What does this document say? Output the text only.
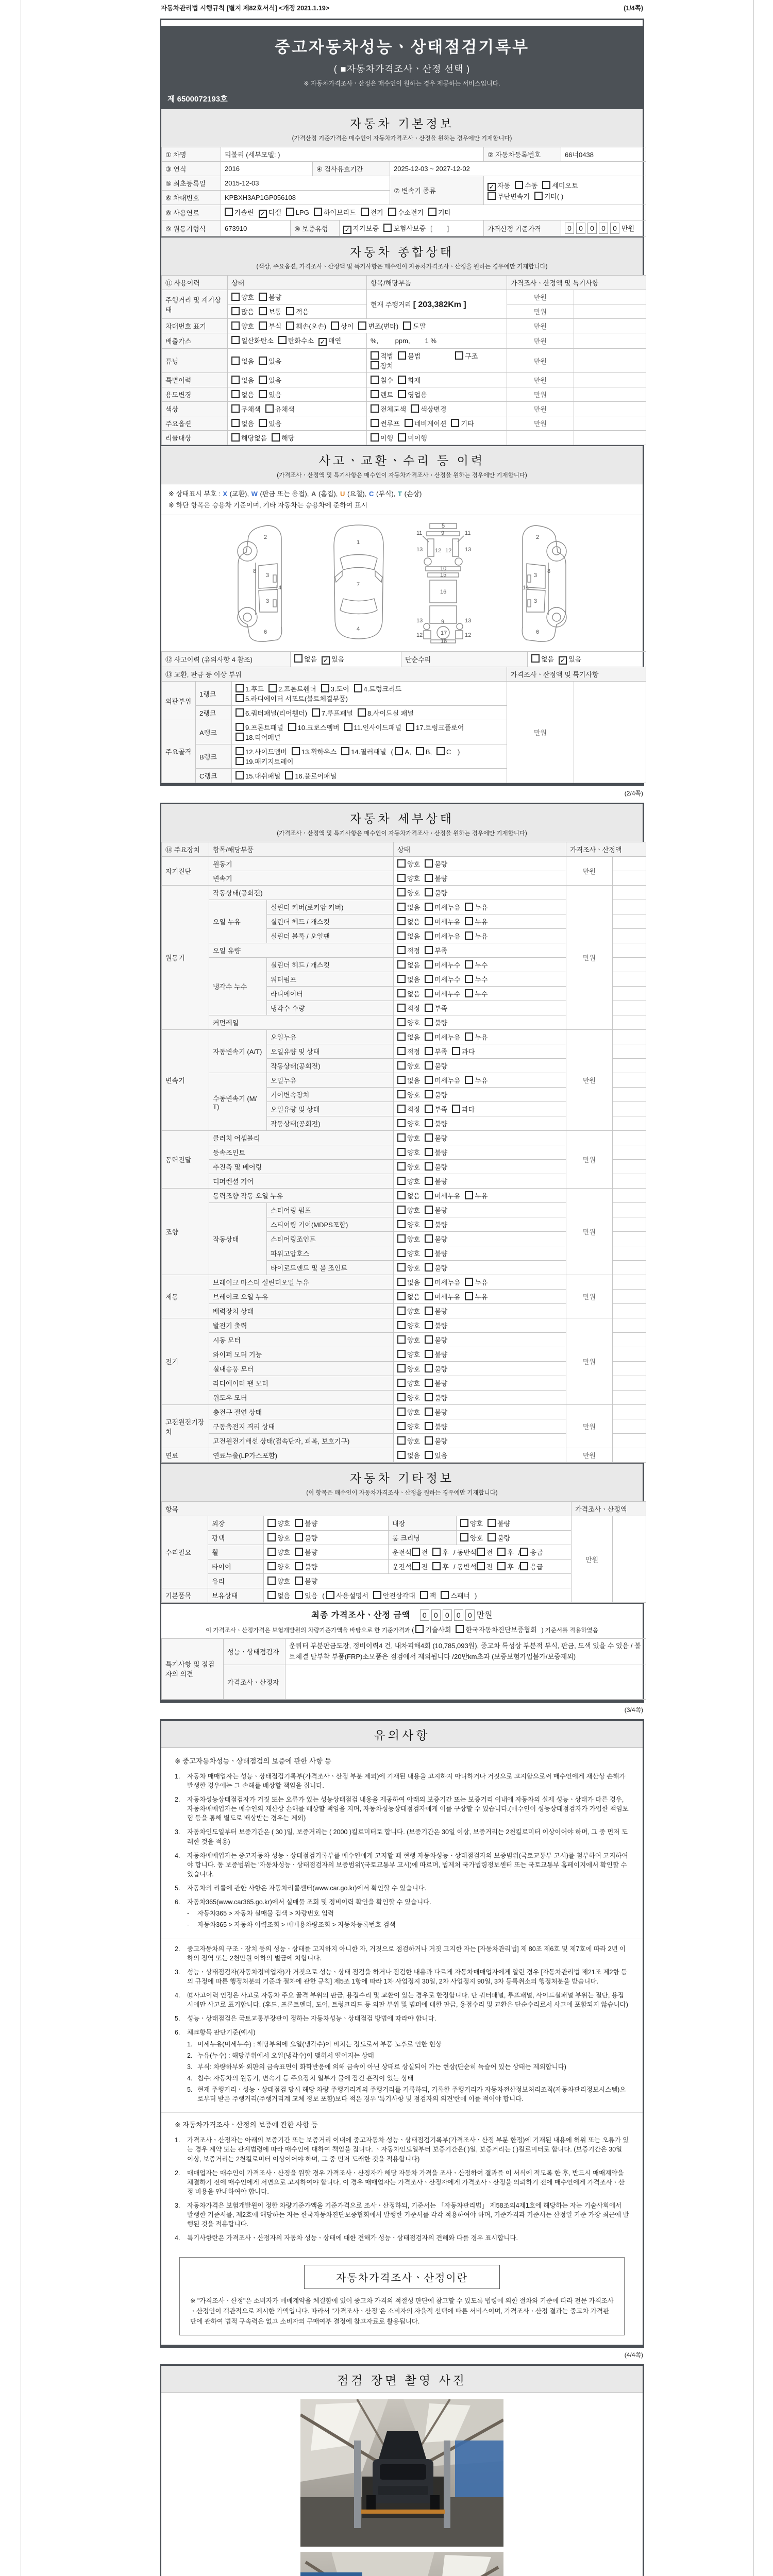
자동차관리법 시행규칙 [별지 제82호서식] <개정 2021.1.19>	(1/4쪽)
중고자동차성능ㆍ상태점검기록부
( ■자동차가격조사ㆍ산정 선택 )
※ 자동차가격조사ㆍ산정은 매수인이 원하는 경우 제공하는 서비스입니다.
제 6500072193호
자동차 기본정보
(가격산정 기준가격은 매수인이 자동차가격조사ㆍ산정을 원하는 경우에만 기재합니다)
① 차명	티볼리 (세부모델: )			② 자동차등록번호	66너0438
③ 연식	2016	④ 검사유효기간	2025-12-03 ~ 2027-12-02		
⑤ 최초등록일	2015-12-03		⑦ 변속기 종류	✓ 자동 수동 세미오토
무단변속기 기타( )	
⑥ 차대번호	KPBXH3AP1GP056108				
⑧ 사용연료	가솔린 ✓ 디젤 LPG 하이브리드 전기 수소전기 기타				
⑨ 원동기형식	673910	⑩ 보증유형	✓ 자가보증 보험사보증 [        ]	가격산정 기준가격	0 0 0 0 0 만원
자동차 종합상태
(색상, 주요옵션, 가격조사ㆍ산정액 및 특기사항은 매수인이 자동차가격조사ㆍ산정을 원하는 경우에만 기재합니다)
⑪ 사용이력	상태	항목/해당부품	가격조사ㆍ산정액 및 특기사항	
주행거리 및 계기상태	양호 불량	현재 주행거리 [ 203,382Km ]	만원	
	많음 보통 적음		만원	
차대번호 표기	양호 부식 훼손(오손) 상이 변조(변타) 도말		만원	
배출가스	일산화탄소 탄화수소 ✓ 매연	%,         ppm,        1 %	만원	
튜닝	없음 있음	적법 불법 구조장치	만원	
특별이력	없음 있음	침수 화재	만원	
용도변경	없음 있음	렌트 영업용	만원	
색상	무채색 유채색	전체도색 색상변경	만원	
주요옵션	없음 있음	썬루프 네비게이션 기타	만원	
리콜대상	해당없음 해당	이행 미이행		
사고ㆍ교환ㆍ수리 등 이력
(가격조사ㆍ산정액 및 특기사항은 매수인이 자동차가격조사ㆍ산정을 원하는 경우에만 기재합니다)
※ 상태표시 부호 : X (교환), W (판금 또는 용접), A (흠집), U (요철), C (부식), T (손상)
※ 하단 항목은 승용차 기준이며, 기타 자동차는 승용차에 준하여 표시
2
8
3
14
3
6
1
7
4
5
11	11
13	13
12 12
9
10
15
16
13	13
9
12	12
17
18
2
8
3
14
3
6
⑫ 사고이력 (유의사항 4 참조)	없음 ✓ 있음	단순수리	없음 ✓ 있음
⑬ 교환, 판금 등 이상 부위			가격조사ㆍ산정액 및 특기사항	
외판부위	1랭크	1.후드 2.프론트휀더 3.도어 4.트렁크리드
5.라디에이터 서포트(볼트체결부품)	만원	
	2랭크	6.쿼터패널(리어휀더) 7.루프패널 8.사이드실 패널		
주요골격	A랭크	9.프론트패널 10.크로스멤버 11.인사이드패널 17.트렁크플로어
18.리어패널		
	B랭크	12.사이드멤버 13.휠하우스 14.필러패널 ( A, B, C )
19.패키지트레이		
	C랭크	15.대쉬패널 16.플로어패널		
(2/4쪽)
자동차 세부상태
(가격조사ㆍ산정액 및 특기사항은 매수인이 자동차가격조사ㆍ산정을 원하는 경우에만 기재합니다)
⑭ 주요장치	항목/해당부품		상태	가격조사ㆍ산정액	
자기진단	원동기		양호 불량	만원	
	변속기		양호 불량		
원동기	작동상태(공회전)		양호 불량	만원	
	오일 누유	실린더 커버(로커암 커버)	없음 미세누유 누유		
		실린더 헤드 / 개스킷	없음 미세누유 누유		
		실린더 블록 / 오일팬	없음 미세누유 누유		
	오일 유량		적정 부족		
	냉각수 누수	실린더 헤드 / 개스킷	없음 미세누수 누수		
		워터펌프	없음 미세누수 누수		
		라디에이터	없음 미세누수 누수		
		냉각수 수량	적정 부족		
	커먼레일		양호 불량		
변속기	자동변속기 (A/T)	오일누유	없음 미세누유 누유	만원	
		오일유량 및 상태	적정 부족 과다		
		작동상태(공회전)	양호 불량		
	수동변속기 (M/T)	오일누유	없음 미세누유 누유		
		기어변속장치	양호 불량		
		오일유량 및 상태	적정 부족 과다		
		작동상태(공회전)	양호 불량		
동력전달	클러치 어셈블리		양호 불량	만원	
	등속조인트		양호 불량		
	추진축 및 베어링		양호 불량		
	디퍼렌셜 기어		양호 불량		
조향	동력조향 작동 오일 누유		없음 미세누유 누유	만원	
	작동상태	스티어링 펌프	양호 불량		
		스티어링 기어(MDPS포함)	양호 불량		
		스티어링조인트	양호 불량		
		파워고압호스	양호 불량		
		타이로드엔드 및 볼 조인트	양호 불량		
제동	브레이크 마스터 실린더오일 누유		없음 미세누유 누유	만원	
	브레이크 오일 누유		없음 미세누유 누유		
	배력장치 상태		양호 불량		
전기	발전기 출력		양호 불량	만원	
	시동 모터		양호 불량		
	와이퍼 모터 기능		양호 불량		
	실내송풍 모터		양호 불량		
	라디에이터 팬 모터		양호 불량		
	윈도우 모터		양호 불량		
고전원전기장치	충전구 절연 상태		양호 불량	만원	
	구동축전지 격리 상태		양호 불량		
	고전원전기배선 상태(접속단자, 피복, 보호기구)		양호 불량		
연료	연료누출(LP가스포함)		없음 있음	만원	
자동차 기타정보
(이 항목은 매수인이 자동차가격조사ㆍ산정을 원하는 경우에만 기재합니다)
항목					가격조사ㆍ산정액	
수리필요	외장	양호 불량	내장	양호 불량	만원	
	광택	양호 불량	룸 크리닝	양호 불량		
	휠	양호 불량	운전석 전 후 / 동반석 전 후 / 응급			
	타이어	양호 불량	운전석 전 후 / 동반석 전 후 / 응급			
	유리	양호 불량				
기본품목	보유상태	없음 있음 ( 사용설명서 안전삼각대 잭 스패너 )				
최종 가격조사ㆍ산정 금액 0 0 0 0 0 만원
이 가격조사ㆍ산정가격은 보험개발원의 차량기준가액을 바탕으로 한 기준가격과 ( 기술사회 한국자동차진단보증협회 ) 기준서를 적용하였음
특기사항 및 점검자의 의견	성능ㆍ상태점검자	운쿼터 부분판금도장, 정비이력4 건, 내차피해4회 (10,785,093원), 중고차 특성상 부분적 부식, 판금, 도색 있을 수 있음 / 볼트체결 탈부착 부품(FRP)소모품은 점검에서 제외됩니다 /20만km초과 (보증보험가입불가/보증제외)
	가격조사ㆍ산정자	
(3/4쪽)
유의사항
※ 중고자동차성능ㆍ상태점검의 보증에 관한 사항 등
1.	자동차 매매업자는 성능ㆍ상태점검기록부(가격조사ㆍ산정 부분 제외)에 기재된 내용을 고지하지 아니하거나 거짓으로 고지함으로써 매수인에게 재산상 손해가 발생한 경우에는 그 손해를 배상할 책임을 집니다.
2.	자동차성능상태점검자가 거짓 또는 오류가 있는 성능상태점검 내용을 제공하여 아래의 보증기간 또는 보증거리 이내에 자동차의 실제 성능ㆍ상태가 다른 경우, 자동차매매업자는 매수인의 재산상 손해를 배상할 책임을 지며, 자동차성능상태점검자에게 이를 구상할 수 있습니다.(매수인이 성능상태점검자가 가입한 책임보험 등을 통해 별도로 배상받는 경우는 제외)
3.	자동차인도일부터 보증기간은 ( 30 )일, 보증거리는 ( 2000 )킬로미터로 합니다. (보증기간은 30일 이상, 보증거리는 2천킬로미터 이상이어야 하며, 그 중 먼저 도래한 것을 적용)
4.	자동차매매업자는 중고자동차 성능ㆍ상태점검기록부를 매수인에게 고지할 때 현행 자동차성능ㆍ상태점검자의 보증범위(국토교통부 고시)를 첨부하여 고지하여야 합니다. 동 보증범위는 '자동차성능ㆍ상태점검자의 보증범위'(국토교통부 고시)에 따르며, 법제처 국가법령정보센터 또는 국토교통부 홈페이지에서 확인할 수 있습니다.
5.	자동차의 리콜에 관한 사항은 자동차리콜센터(www.car.go.kr)에서 확인할 수 있습니다.
6.	자동차365(www.car365.go.kr)에서 실매물 조회 및 정비이력 확인을 확인할 수 있습니다.
-	자동차365 > 자동차 실매물 검색 > 차량번호 입력
-	자동차365 > 자동차 이력조회 > 매매용차량조회 > 자동차등록번호 검색
2.	중고자동차의 구조ㆍ장치 등의 성능ㆍ상태를 고지하지 아니한 자, 거짓으로 점검하거나 거짓 고지한 자는 [자동차관리법] 제 80조 제6호 및 제7호에 따라 2년 이하의 징역 또는 2천만원 이하의 벌금에 처합니다.
3.	성능ㆍ상태점검자(자동차정비업자)가 거짓으로 성능ㆍ상태 점검을 하거나 점검한 내용과 다르게 자동차매매업자에게 알린 경우 [자동차관리법 제21조 제2항 등의 규정에 따른 행정처분의 기준과 절차에 관한 규칙] 제5조 1항에 따라 1차 사업정지 30일, 2차 사업정지 90일, 3차 등록취소의 행정처분을 받습니다.
4.	⑫사고이력 인정은 사고로 자동차 주요 골격 부위의 판금, 용접수리 및 교환이 있는 경우로 한정합니다. 단 쿼터패널, 루프패널, 사이드실패널 부위는 절단, 용접 시에만 사고로 표기합니다. (후드, 프론트펜더, 도어, 트렁크리드 등 외판 부위 및 범퍼에 대한 판금, 용접수리 및 교환은 단순수리로서 사고에 포함되지 않습니다)
5.	성능ㆍ상태점검은 국토교통부장관이 정하는 자동차성능ㆍ상태점검 방법에 따라야 합니다.
6.	체크항목 판단기준(예시)
1. 미세누유(미세누수) : 해당부위에 오일(냉각수)이 비치는 정도로서 부품 노후로 인한 현상
2. 누유(누수) : 해당부위에서 오일(냉각수)이 맺혀서 떨어지는 상태
3. 부식: 차량하부와 외판의 금속표면이 화학반응에 의해 금속이 아닌 상태로 상실되어 가는 현상(단순히 녹슬어 있는 상태는 제외합니다)
4. 침수: 자동차의 원동기, 변속기 등 주요장치 일부가 물에 잠긴 흔적이 있는 상태
5. 현재 주행거리ㆍ성능ㆍ상태점검 당시 해당 차량 주행거리계의 주행거리를 기록하되, 기록한 주행거리가 자동차전산정보처리조직(자동차관리정보시스템)으로부터 받은 주행거리(주행거리계 교체 정보 포함)보다 적은 경우 '특기사항 및 점검자의 의견'란에 이를 적어야 합니다.
※ 자동차가격조사ㆍ산정의 보증에 관한 사항 등
1.	가격조사ㆍ산정자는 아래의 보증기간 또는 보증거리 이내에 중고자동차 성능ㆍ상태점검기록부(가격조사ㆍ산정 부분 한정)에 기재된 내용에 허위 또는 오류가 있는 경우 계약 또는 관계법령에 따라 매수인에 대하여 책임을 집니다. ㆍ자동차인도일부터 보증기간은( )일, 보증거리는 ( )킬로미터로 합니다. (보증기간은 30일 이상, 보증거리는 2천킬로미터 이상이어야 하며, 그 중 먼저 도래한 것을 적용합니다)
2.	매매업자는 매수인이 가격조사ㆍ산정을 원할 경우 가격조사ㆍ산정자가 해당 자동차 가격을 조사ㆍ산정하여 결과를 이 서식에 적도록 한 후, 반드시 매매계약을 체결하기 전에 매수인에게 서면으로 고지하여야 합니다. 이 경우 매매업자는 가격조사ㆍ산정자에게 가격조사ㆍ산정을 의뢰하기 전에 매수인에게 가격조사ㆍ산정 비용을 안내하여야 합니다.
3.	자동차가격은 보험개발원이 정한 차량기준가액을 기준가격으로 조사ㆍ산정하되, 기준서는 「자동차관리법」 제58조의4제1호에 해당하는 자는 기술사회에서 발행한 기준서를, 제2호에 해당하는 자는 한국자동차진단보증협회에서 발행한 기준서를 각각 적용하여야 하며, 기준가격과 기준서는 산정일 기준 가장 최근에 발행된 것을 적용합니다.
4.	특기사항란은 가격조사ㆍ산정자의 자동차 성능ㆍ상태에 대한 견해가 성능ㆍ상태점검자의 견해와 다를 경우 표시합니다.
자동차가격조사ㆍ산정이란
※ "가격조사ㆍ산정"은 소비자가 매매계약을 체결함에 있어 중고차 가격의 적절성 판단에 참고할 수 있도록 법령에 의한 절차와 기준에 따라 전문 가격조사ㆍ산정인이 객관적으로 제시한 가액입니다. 따라서 "가격조사ㆍ산정"은 소비자의 자율적 선택에 따른 서비스이며, 가격조사ㆍ산정 결과는 중고차 가격판단에 관하여 법적 구속력은 없고 소비자의 구매여부 결정에 참고자료로 활용됩니다.
(4/4쪽)
점검 장면 촬영 사진
